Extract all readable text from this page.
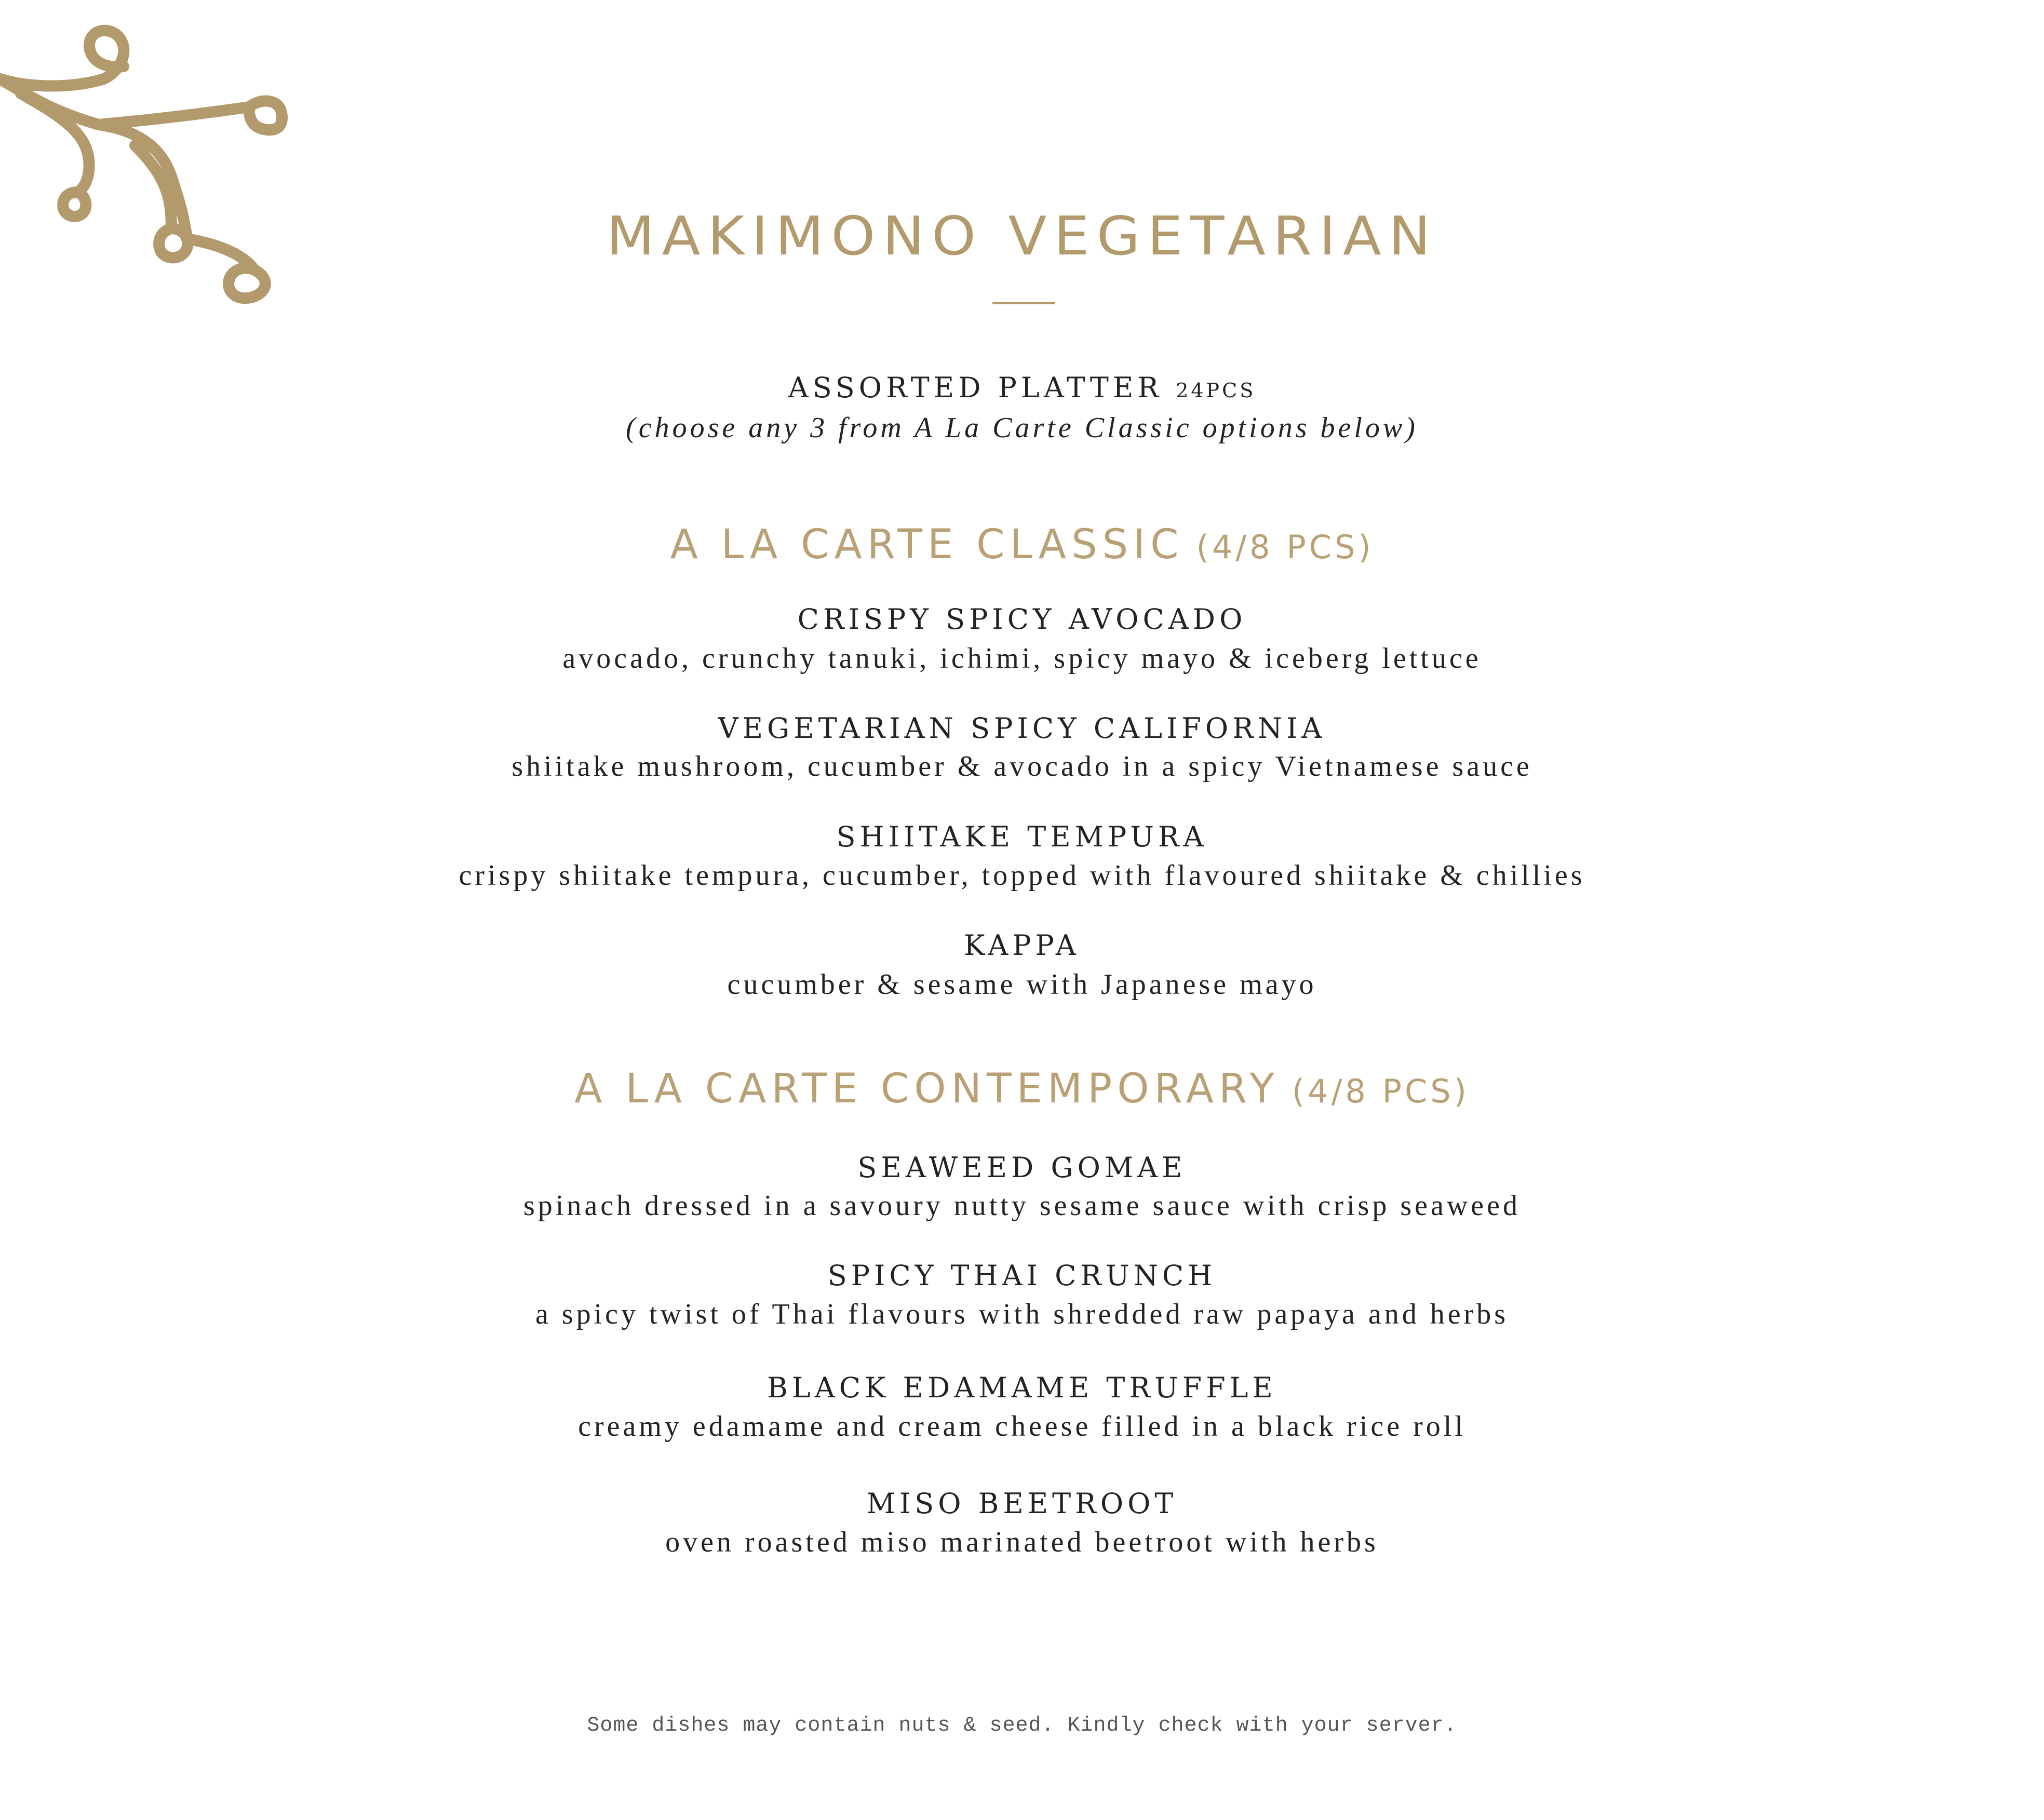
MAKIMONO VEGETARIAN
ASSORTED PLATTER 24PCS
(choose any 3 from A La Carte Classic options below)
A LA CARTE CLASSIC (4/8 PCS)
CRISPY SPICY AVOCADO
avocado, crunchy tanuki, ichimi, spicy mayo & iceberg lettuce
VEGETARIAN SPICY CALIFORNIA
shiitake mushroom, cucumber & avocado in a spicy Vietnamese sauce
SHIITAKE TEMPURA
crispy shiitake tempura, cucumber, topped with flavoured shiitake & chillies
KAPPA
cucumber & sesame with Japanese mayo
A LA CARTE CONTEMPORARY (4/8 PCS)
SEAWEED GOMAE
spinach dressed in a savoury nutty sesame sauce with crisp seaweed
SPICY THAI CRUNCH
a spicy twist of Thai flavours with shredded raw papaya and herbs
BLACK EDAMAME TRUFFLE
creamy edamame and cream cheese filled in a black rice roll
MISO BEETROOT
oven roasted miso marinated beetroot with herbs
Some dishes may contain nuts & seed. Kindly check with your server.
